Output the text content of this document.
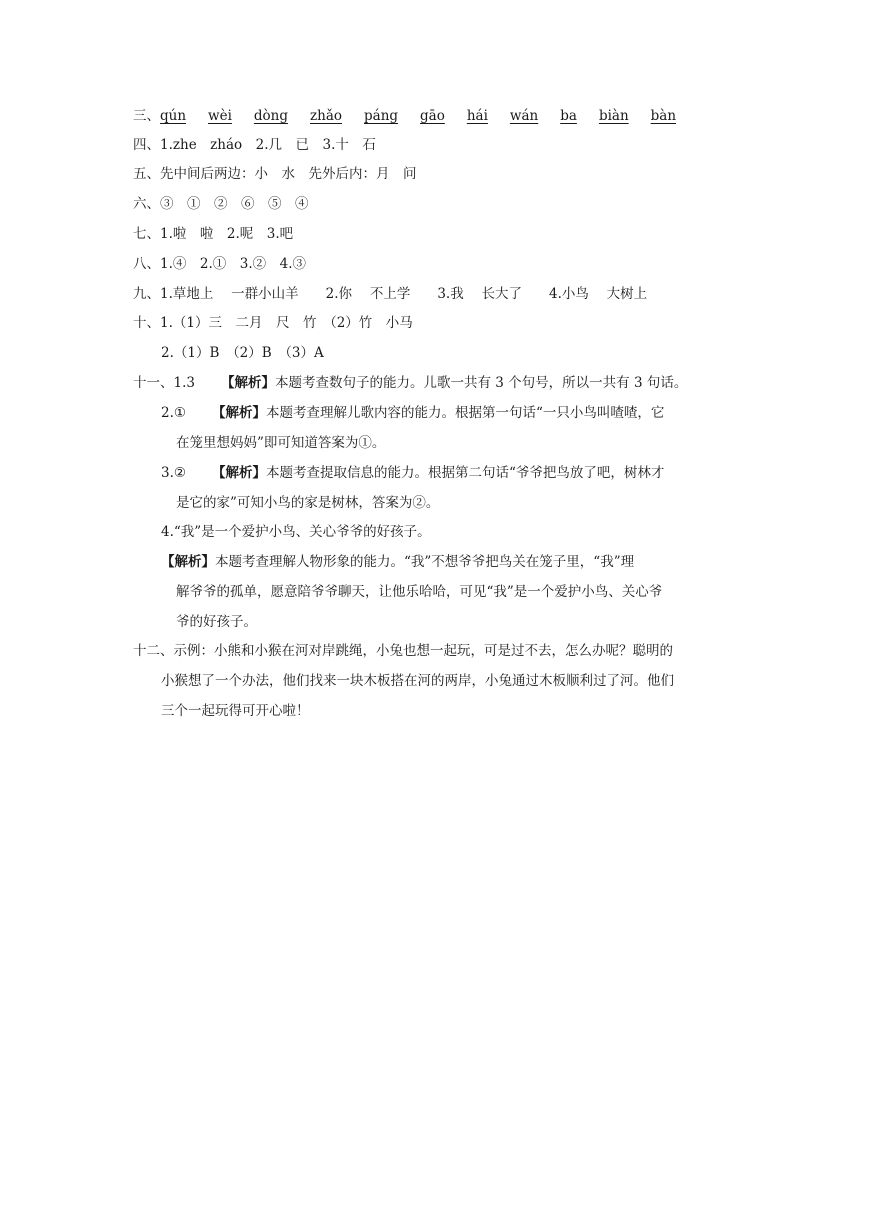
三、qún wèi dòng zhǎo páng gāo hái wán ba biàn bàn
四、1.zhe　zháo　2.几　已　3.十　石
五、先中间后两边：小　水　先外后内：月　问
六、③　①　②　⑥　⑤　④
七、1.啦　啦　2.呢　3.吧
八、1.④　2.①　3.②　4.③
九、1.草地上　 一群小山羊　　2.你　 不上学　　3.我　 长大了　　4.小鸟　 大树上
十、1.（1）三　二月　尺　竹　（2）竹　小马
2.（1）B　（2）B　（3）A
十一、1.3 【解析】本题考查数句子的能力。儿歌一共有 3 个句号，所以一共有 3 句话。
2.① 【解析】本题考查理解儿歌内容的能力。根据第一句话“一只小鸟叫喳喳，它
在笼里想妈妈”即可知道答案为①。
3.② 【解析】本题考查提取信息的能力。根据第二句话“爷爷把鸟放了吧，树林才
是它的家”可知小鸟的家是树林，答案为②。
4.“我”是一个爱护小鸟、关心爷爷的好孩子。
【解析】本题考查理解人物形象的能力。“我”不想爷爷把鸟关在笼子里，“我”理
解爷爷的孤单，愿意陪爷爷聊天，让他乐哈哈，可见“我”是一个爱护小鸟、关心爷
爷的好孩子。
十二、示例：小熊和小猴在河对岸跳绳，小兔也想一起玩，可是过不去，怎么办呢？聪明的
小猴想了一个办法，他们找来一块木板搭在河的两岸，小兔通过木板顺利过了河。他们
三个一起玩得可开心啦！
